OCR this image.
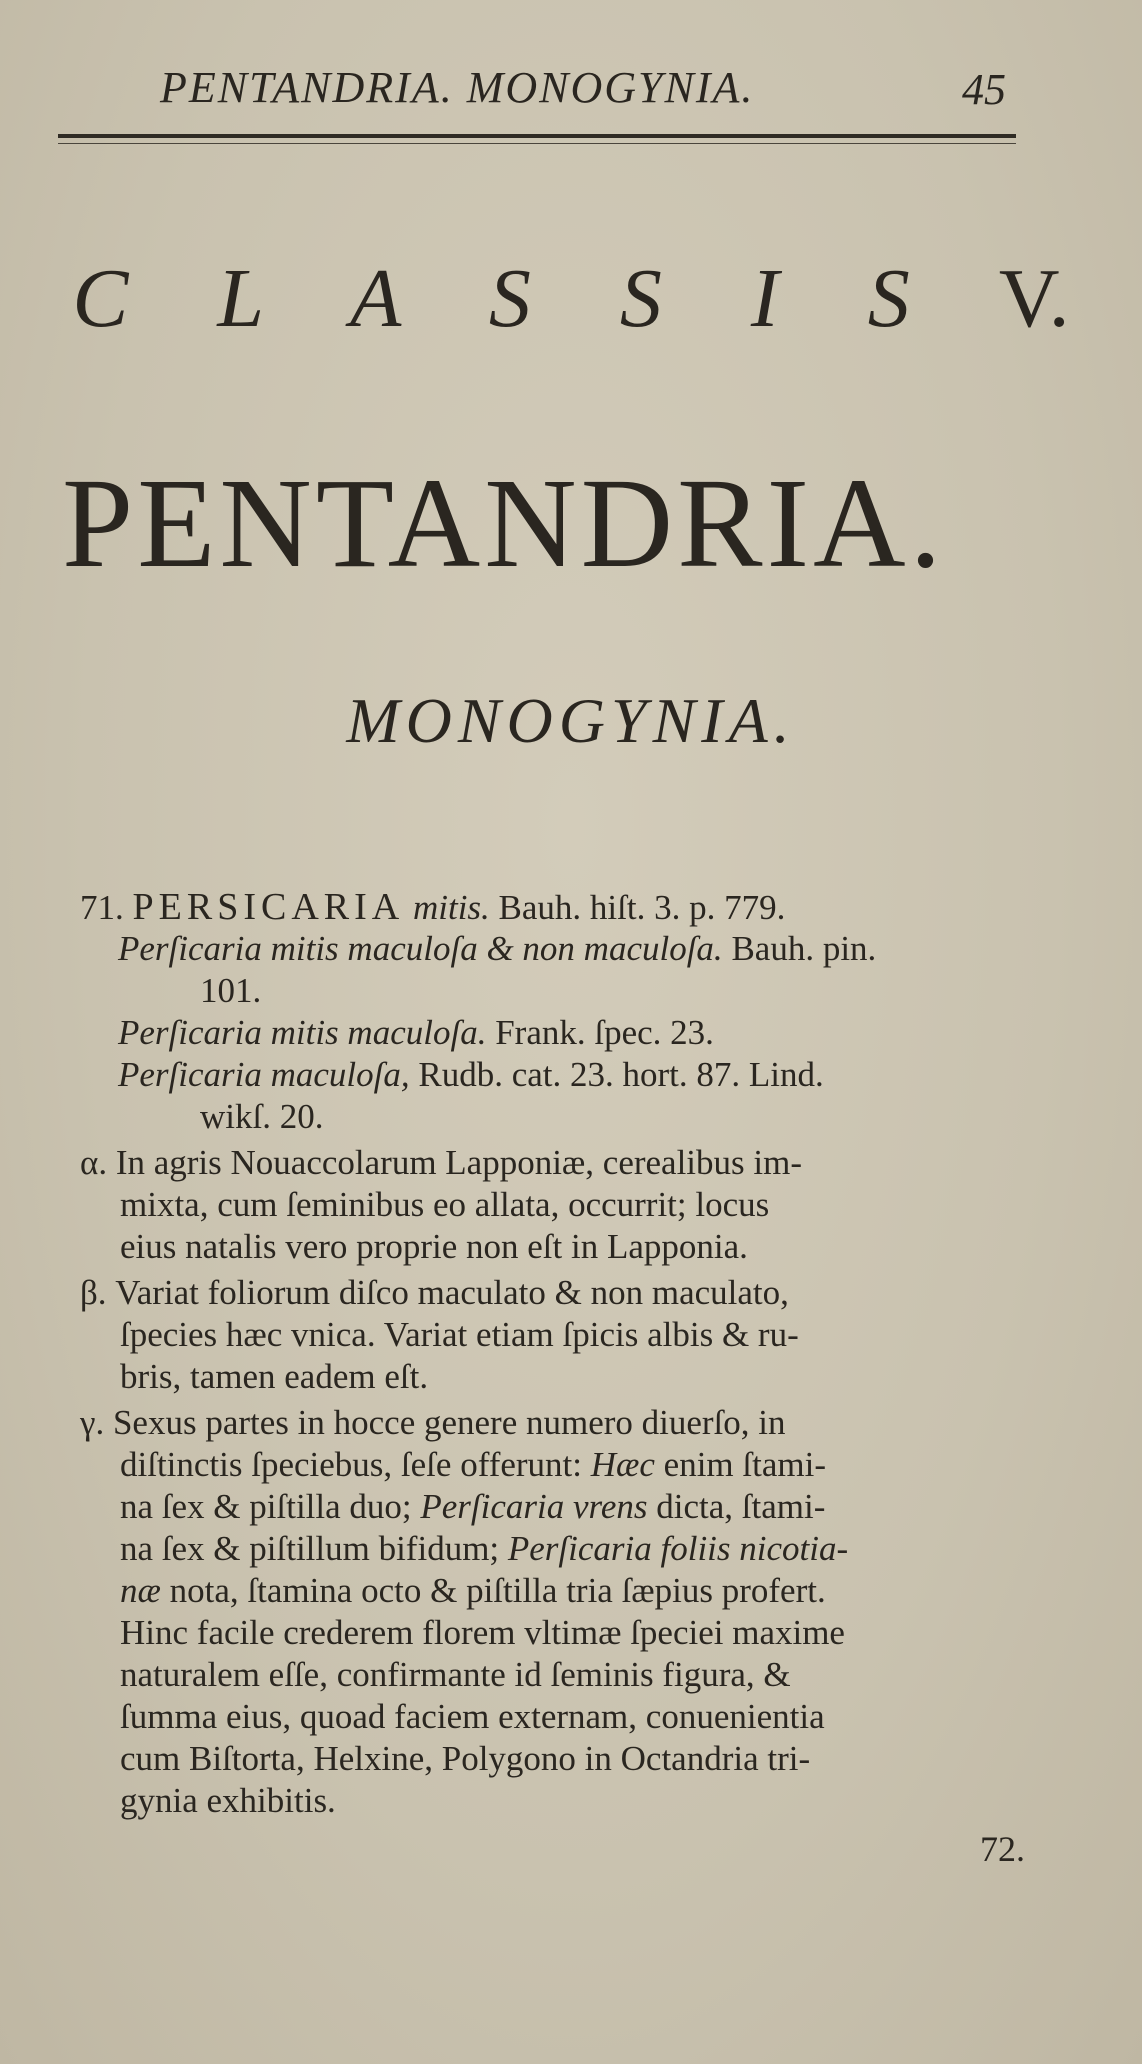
PENTANDRIA. MONOGYNIA.	45
C L A S S I S V.
PENTANDRIA.
MONOGYNIA.
71. PERSICARIA mitis. Bauh. hiſt. 3. p. 779.
Perſicaria mitis maculoſa & non maculoſa. Bauh. pin.
101.
Perſicaria mitis maculoſa. Frank. ſpec. 23.
Perſicaria maculoſa, Rudb. cat. 23. hort. 87. Lind.
wikſ. 20.
α. In agris Nouaccolarum Lapponiæ, cerealibus im-
mixta, cum ſeminibus eo allata, occurrit; locus
eius natalis vero proprie non eſt in Lapponia.
β. Variat foliorum diſco maculato & non maculato,
ſpecies hæc vnica. Variat etiam ſpicis albis & ru-
bris, tamen eadem eſt.
γ. Sexus partes in hocce genere numero diuerſo, in
diſtinctis ſpeciebus, ſeſe offerunt: Hæc enim ſtami-
na ſex & piſtilla duo; Perſicaria vrens dicta, ſtami-
na ſex & piſtillum bifidum; Perſicaria foliis nicotia-
næ nota, ſtamina octo & piſtilla tria ſæpius profert.
Hinc facile crederem florem vltimæ ſpeciei maxime
naturalem eſſe, confirmante id ſeminis figura, &
ſumma eius, quoad faciem externam, conuenientia
cum Biſtorta, Helxine, Polygono in Octandria tri-
gynia exhibitis.
72.
